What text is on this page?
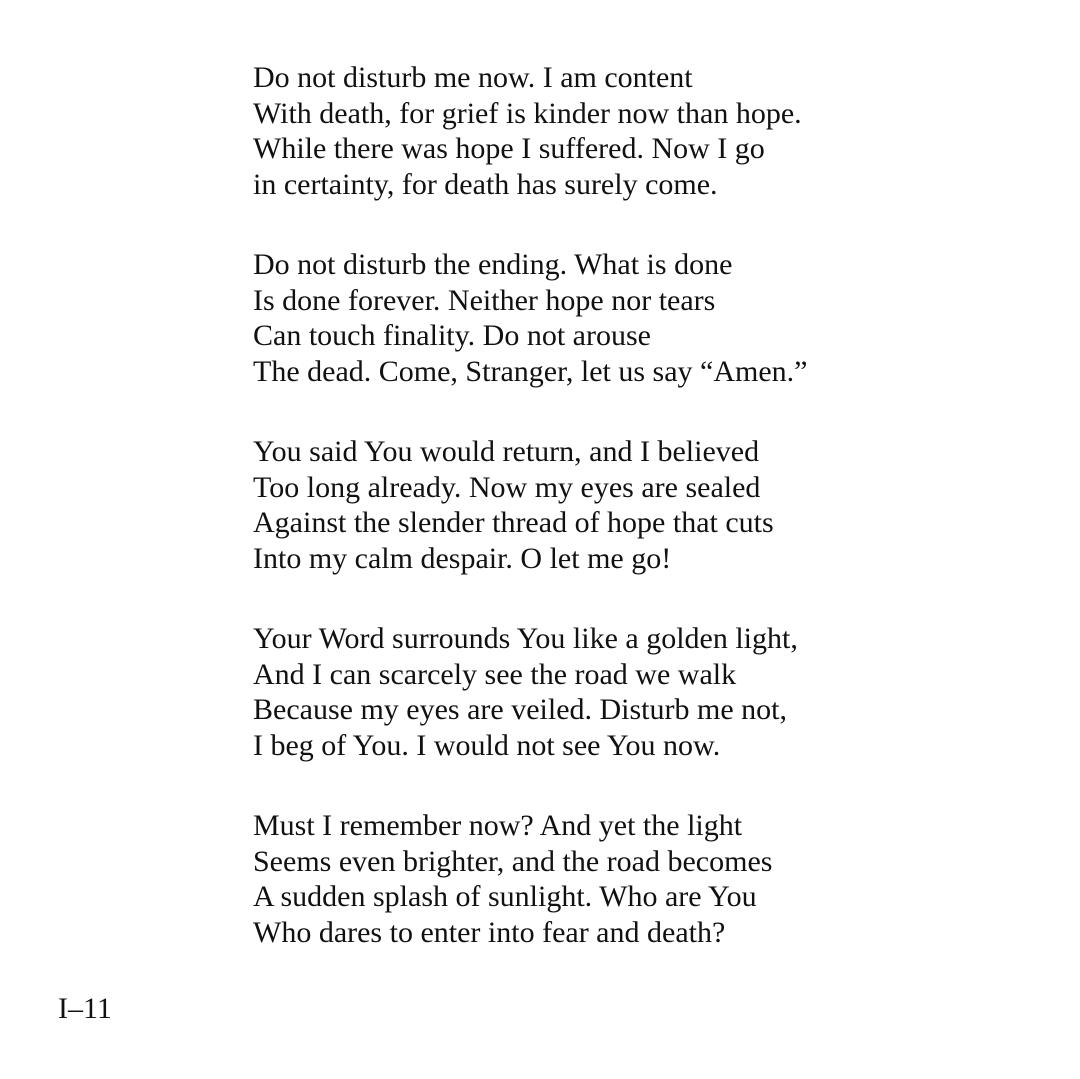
Do not disturb me now. I am content
With death, for grief is kinder now than hope.
While there was hope I suffered. Now I go
in certainty, for death has surely come.
Do not disturb the ending. What is done
Is done forever. Neither hope nor tears
Can touch finality. Do not arouse
The dead. Come, Stranger, let us say “Amen.”
You said You would return, and I believed
Too long already. Now my eyes are sealed
Against the slender thread of hope that cuts
Into my calm despair. O let me go!
Your Word surrounds You like a golden light,
And I can scarcely see the road we walk
Because my eyes are veiled. Disturb me not,
I beg of You. I would not see You now.
Must I remember now? And yet the light
Seems even brighter, and the road becomes
A sudden splash of sunlight. Who are You
Who dares to enter into fear and death?
I–11
